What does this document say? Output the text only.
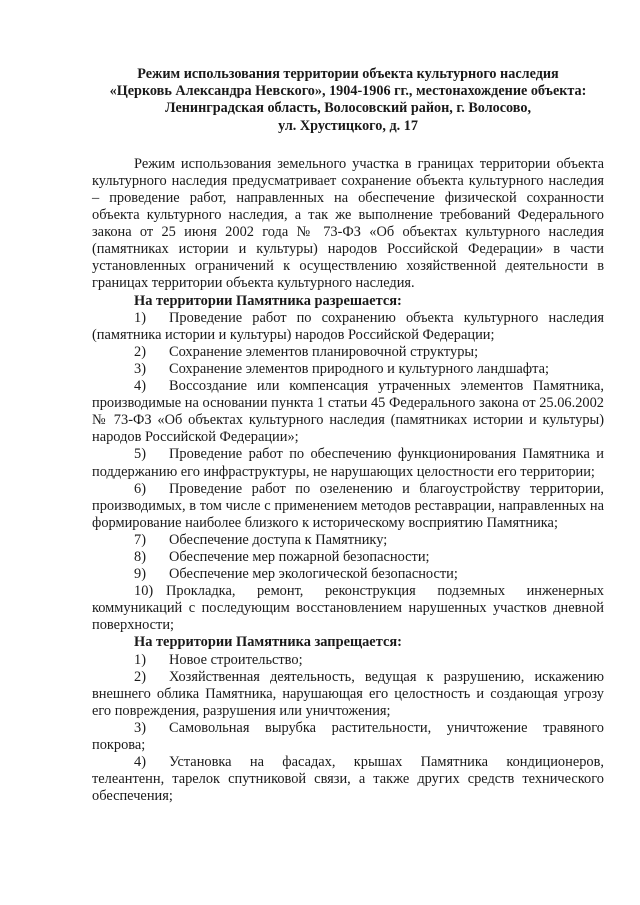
Режим использования территории объекта культурного наследия
«Церковь Александра Невского», 1904-1906 гг., местонахождение объекта:
Ленинградская область, Волосовский район, г. Волосово,
ул. Хрустицкого, д. 17

Режим использования земельного участка в границах территории объекта культурного наследия предусматривает сохранение объекта культурного наследия – проведение работ, направленных на обеспечение физической сохранности объекта культурного наследия, а так же выполнение требований Федерального закона от 25 июня 2002 года № 73-ФЗ «Об объектах культурного наследия (памятниках истории и культуры) народов Российской Федерации» в части установленных ограничений к осуществлению хозяйственной деятельности в границах территории объекта культурного наследия.

На территории Памятника разрешается:

1) Проведение работ по сохранению объекта культурного наследия (памятника истории и культуры) народов Российской Федерации;

2) Сохранение элементов планировочной структуры;

3) Сохранение элементов природного и культурного ландшафта;

4) Воссоздание или компенсация утраченных элементов Памятника, производимые на основании пункта 1 статьи 45 Федерального закона от 25.06.2002 № 73-ФЗ «Об объектах культурного наследия (памятниках истории и культуры) народов Российской Федерации»;

5) Проведение работ по обеспечению функционирования Памятника и поддержанию его инфраструктуры, не нарушающих целостности его территории;

6) Проведение работ по озеленению и благоустройству территории, производимых, в том числе с применением методов реставрации, направленных на формирование наиболее близкого к историческому восприятию Памятника;

7) Обеспечение доступа к Памятнику;

8) Обеспечение мер пожарной безопасности;

9) Обеспечение мер экологической безопасности;

10) Прокладка, ремонт, реконструкция подземных инженерных коммуникаций с последующим восстановлением нарушенных участков дневной поверхности;

На территории Памятника запрещается:

1) Новое строительство;

2) Хозяйственная деятельность, ведущая к разрушению, искажению внешнего облика Памятника, нарушающая его целостность и создающая угрозу его повреждения, разрушения или уничтожения;

3) Самовольная вырубка растительности, уничтожение травяного покрова;

4) Установка на фасадах, крышах Памятника кондиционеров, телеантенн, тарелок спутниковой связи, а также других средств технического обеспечения;
